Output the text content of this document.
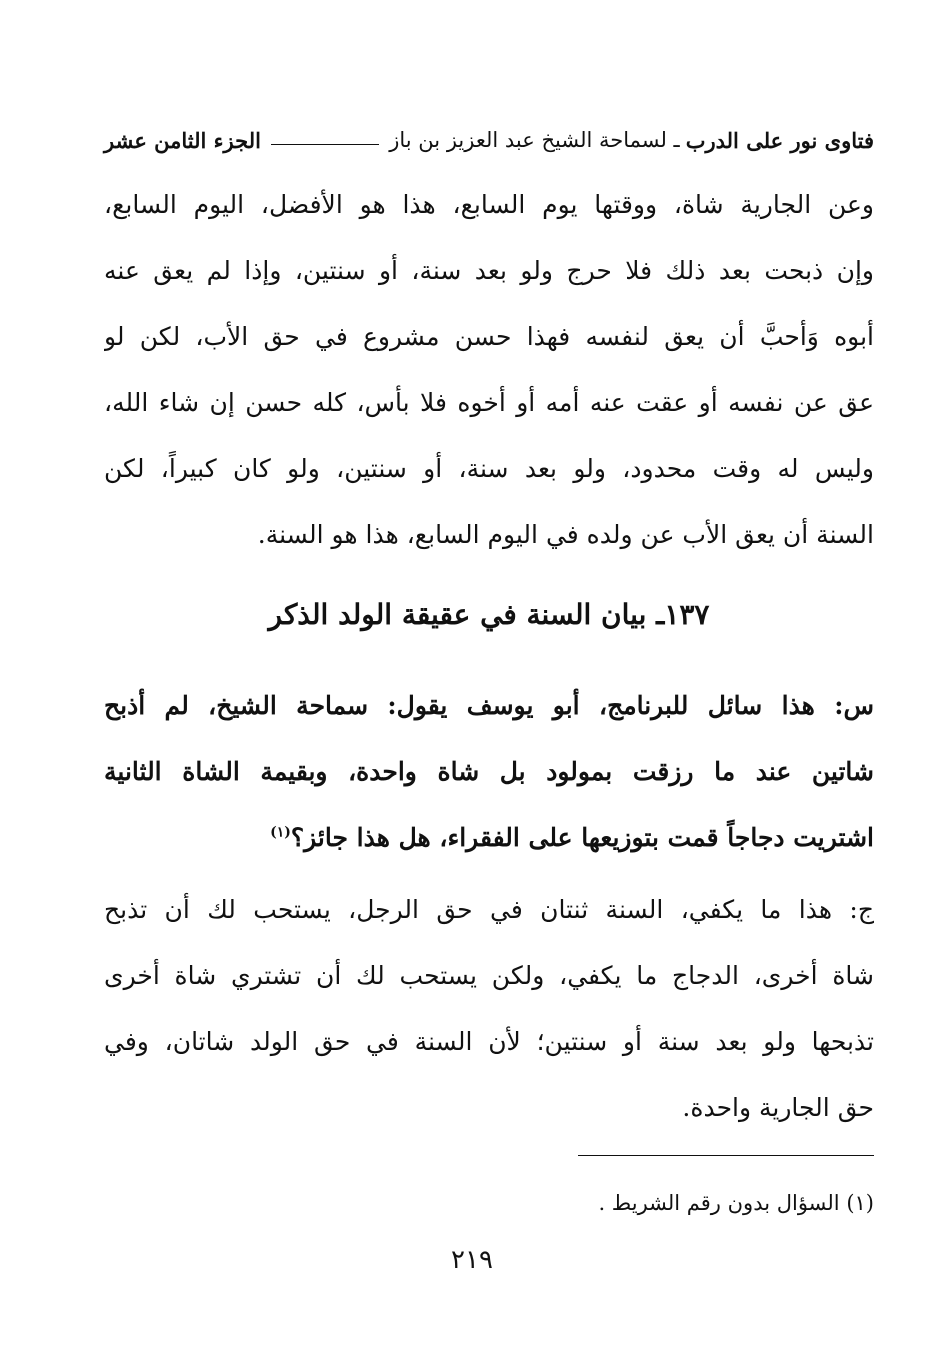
فتاوى نور على الدرب
ـ لسماحة الشيخ عبد العزيز بن باز
الجزء الثامن عشر
وعن الجارية شاة، ووقتها يوم السابع، هذا هو الأفضل، اليوم السابع،
وإن ذبحت بعد ذلك فلا حرج ولو بعد سنة، أو سنتين، وإذا لم يعق عنه
أبوه وَأحبَّ أن يعق لنفسه فهذا حسن مشروع في حق الأب، لكن لو
عق عن نفسه أو عقت عنه أمه أو أخوه فلا بأس، كله حسن إن شاء الله،
وليس له وقت محدود، ولو بعد سنة، أو سنتين، ولو كان كبيراً، لكن
السنة أن يعق الأب عن ولده في اليوم السابع، هذا هو السنة.
١٣٧ـ بيان السنة في عقيقة الولد الذكر
س: هذا سائل للبرنامج، أبو يوسف يقول: سماحة الشيخ، لم أذبح
شاتين عند ما رزقت بمولود بل شاة واحدة، وبقيمة الشاة الثانية
اشتريت دجاجاً قمت بتوزيعها على الفقراء، هل هذا جائز؟$^{(١)}$
ج: هذا ما يكفي، السنة ثنتان في حق الرجل، يستحب لك أن تذبح
شاة أخرى، الدجاج ما يكفي، ولكن يستحب لك أن تشتري شاة أخرى
تذبحها ولو بعد سنة أو سنتين؛ لأن السنة في حق الولد شاتان، وفي
حق الجارية واحدة.
(١) السؤال بدون رقم الشريط .
٢١٩
